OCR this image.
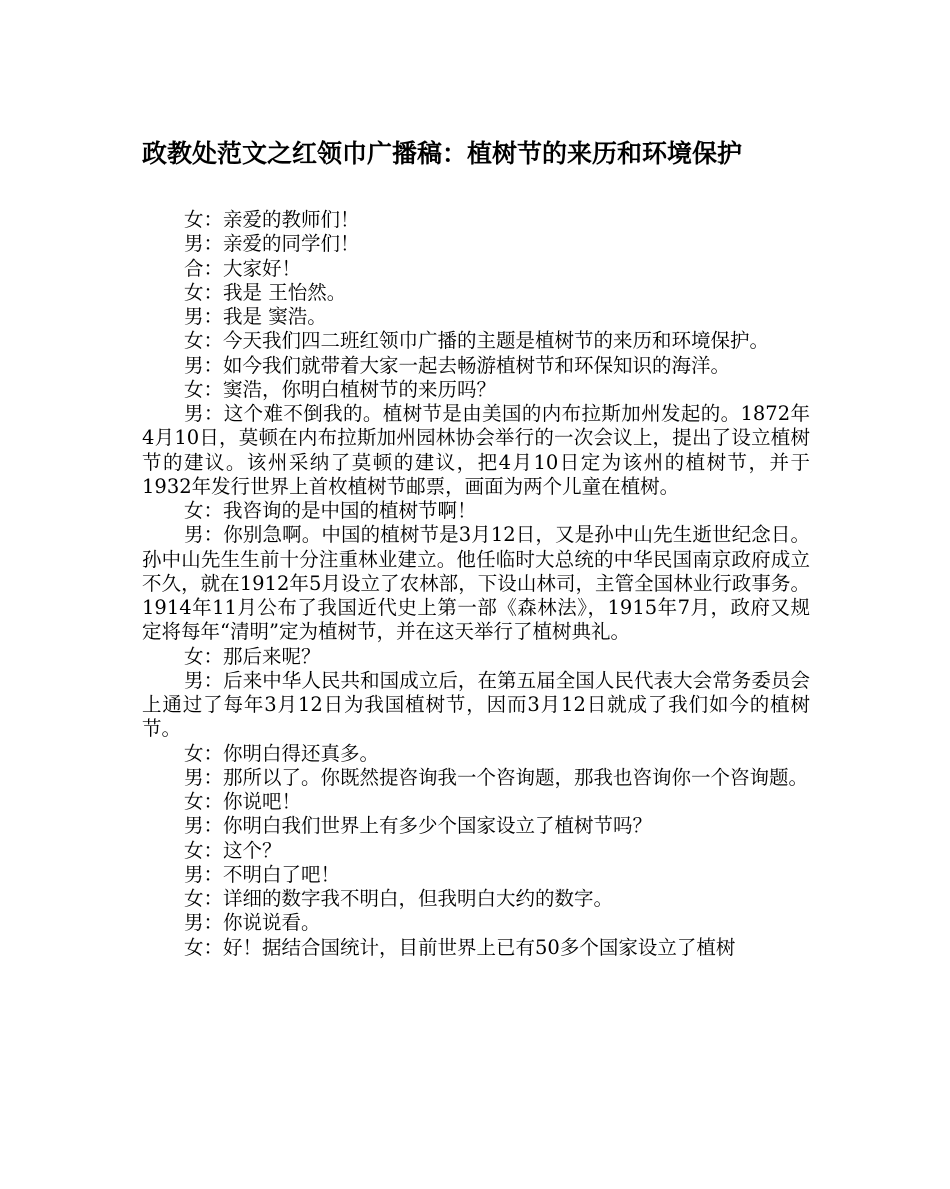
政教处范文之红领巾广播稿：植树节的来历和环境保护

女：亲爱的教师们！

男：亲爱的同学们！

合：大家好！

女：我是 王怡然。

男：我是 窦浩。

女：今天我们四二班红领巾广播的主题是植树节的来历和环境保护。

男：如今我们就带着大家一起去畅游植树节和环保知识的海洋。

女：窦浩，你明白植树节的来历吗？

男：这个难不倒我的。植树节是由美国的内布拉斯加州发起的。1872年4月10日，莫顿在内布拉斯加州园林协会举行的一次会议上，提出了设立植树节的建议。该州采纳了莫顿的建议，把4月10日定为该州的植树节，并于1932年发行世界上首枚植树节邮票，画面为两个儿童在植树。

女：我咨询的是中国的植树节啊！

男：你别急啊。中国的植树节是3月12日，又是孙中山先生逝世纪念日。孙中山先生生前十分注重林业建立。他任临时大总统的中华民国南京政府成立不久，就在1912年5月设立了农林部，下设山林司，主管全国林业行政事务。1914年11月公布了我国近代史上第一部《森林法》，1915年7月，政府又规定将每年“清明”定为植树节，并在这天举行了植树典礼。

女：那后来呢？

男：后来中华人民共和国成立后，在第五届全国人民代表大会常务委员会上通过了每年3月12日为我国植树节，因而3月12日就成了我们如今的植树节。

女：你明白得还真多。

男：那所以了。你既然提咨询我一个咨询题，那我也咨询你一个咨询题。

女：你说吧！

男：你明白我们世界上有多少个国家设立了植树节吗？

女：这个？

男：不明白了吧！

女：详细的数字我不明白，但我明白大约的数字。

男：你说说看。

女：好！据结合国统计，目前世界上已有50多个国家设立了植树
